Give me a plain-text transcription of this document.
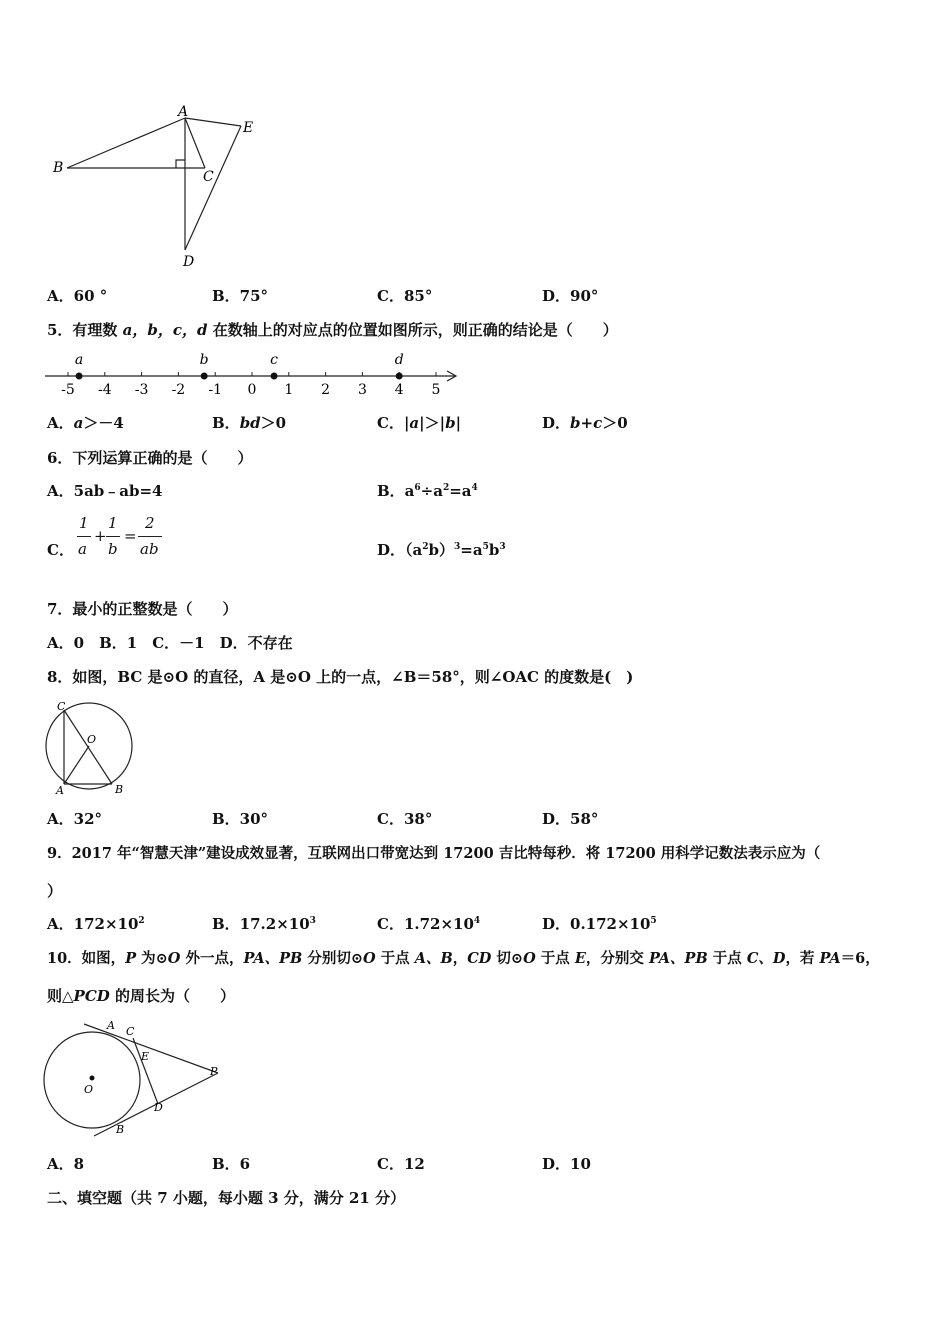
A
B
C
D
E
A．60 °	B．75°	C．85°	D．90°
5．有理数 a，b，c，d 在数轴上的对应点的位置如图所示，则正确的结论是（　　）
-5 -4 -3 -2 -1 0 1 2 3 4 5
a	b	c	d
A．a＞－4	B．bd＞0	C．|a|＞|b|	D．b+c＞0
6．下列运算正确的是（　　）
A．5ab﹣ab=4	B．$a^6\div a^2=a^4$
C．
1
a
+
1
b
=
2
ab	D．$(a^2b)^3=a^5b^3$
7．最小的正整数是（　　）
A．0　B．1　C．－1　D．不存在
8．如图，BC 是⊙O 的直径，A 是⊙O 上的一点，∠B＝58°，则∠OAC 的度数是(　)
C
O
A	B
A．32°	B．30°	C．38°	D．58°
9．2017 年“智慧天津”建设成效显著，互联网出口带宽达到 17200 吉比特每秒．将 17200 用科学记数法表示应为（
）
A．$172\times 10^2$	B．$17.2\times 10^3$	C．$1.72\times 10^4$	D．$0.172\times 10^5$
10．如图，P 为⊙O 外一点，PA、PB 分别切⊙O 于点 A、B，CD 切⊙O 于点 E，分别交 PA、PB 于点 C、D，若 PA＝6，
则△PCD 的周长为（　　）
A C
E
P
O
D
B
A．8	B．6	C．12	D．10
二、填空题（共 7 小题，每小题 3 分，满分 21 分）
